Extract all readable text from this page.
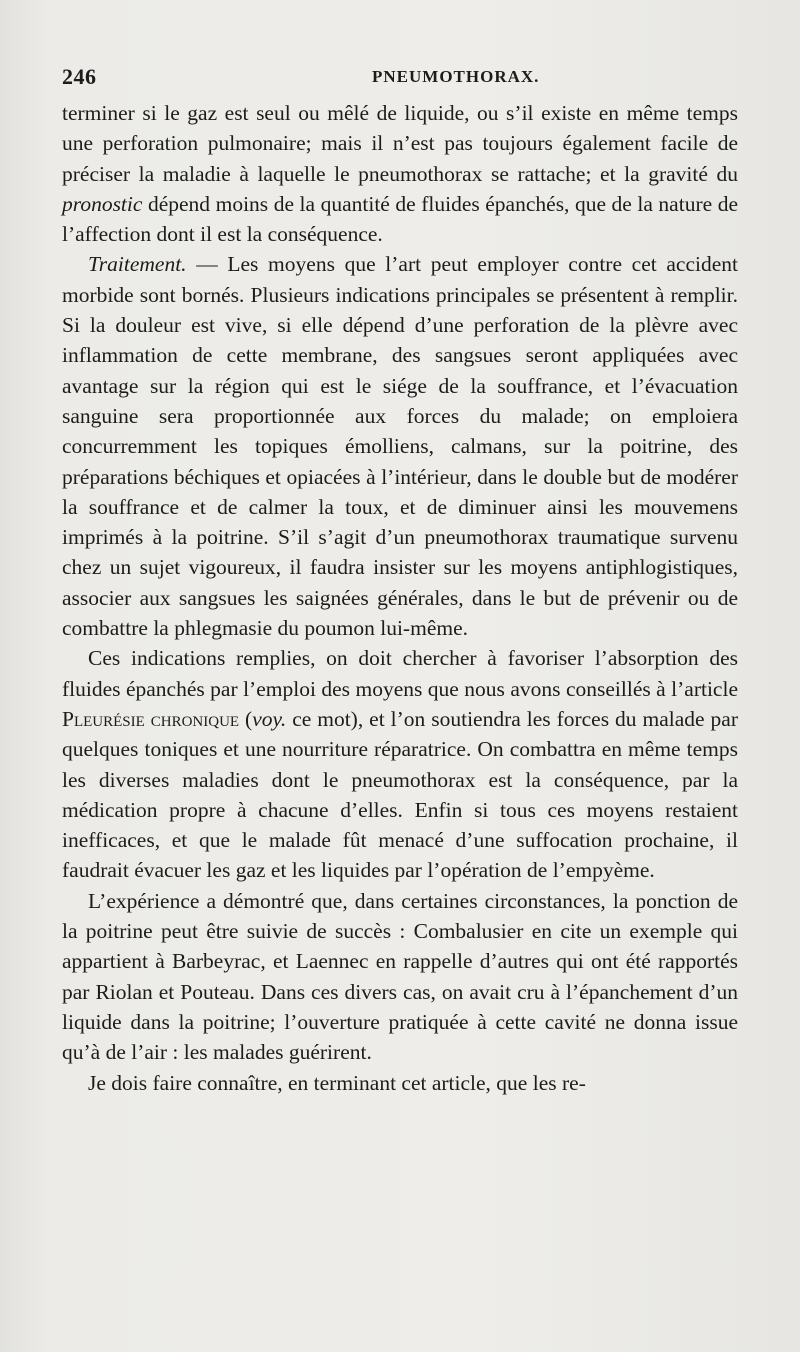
246	PNEUMOTHORAX.

terminer si le gaz est seul ou mêlé de liquide, ou s’il existe en même temps une perforation pulmonaire; mais il n’est pas toujours également facile de préciser la maladie à laquelle le pneumothorax se rattache; et la gravité du pronostic dépend moins de la quantité de fluides épanchés, que de la nature de l’affection dont il est la conséquence.

Traitement. — Les moyens que l’art peut employer contre cet accident morbide sont bornés. Plusieurs indications principales se présentent à remplir. Si la douleur est vive, si elle dépend d’une perforation de la plèvre avec inflammation de cette membrane, des sangsues seront appliquées avec avantage sur la région qui est le siége de la souffrance, et l’évacuation sanguine sera proportionnée aux forces du malade; on emploiera concurremment les topiques émolliens, calmans, sur la poitrine, des préparations béchiques et opiacées à l’intérieur, dans le double but de modérer la souffrance et de calmer la toux, et de diminuer ainsi les mouvemens imprimés à la poitrine. S’il s’agit d’un pneumothorax traumatique survenu chez un sujet vigoureux, il faudra insister sur les moyens antiphlogistiques, associer aux sangsues les saignées générales, dans le but de prévenir ou de combattre la phlegmasie du poumon lui-même.

Ces indications remplies, on doit chercher à favoriser l’absorption des fluides épanchés par l’emploi des moyens que nous avons conseillés à l’article Pleurésie chronique (voy. ce mot), et l’on soutiendra les forces du malade par quelques toniques et une nourriture réparatrice. On combattra en même temps les diverses maladies dont le pneumothorax est la conséquence, par la médication propre à chacune d’elles. Enfin si tous ces moyens restaient inefficaces, et que le malade fût menacé d’une suffocation prochaine, il faudrait évacuer les gaz et les liquides par l’opération de l’empyème.

L’expérience a démontré que, dans certaines circonstances, la ponction de la poitrine peut être suivie de succès : Combalusier en cite un exemple qui appartient à Barbeyrac, et Laennec en rappelle d’autres qui ont été rapportés par Riolan et Pouteau. Dans ces divers cas, on avait cru à l’épanchement d’un liquide dans la poitrine; l’ouverture pratiquée à cette cavité ne donna issue qu’à de l’air : les malades guérirent.

Je dois faire connaître, en terminant cet article, que les re-
